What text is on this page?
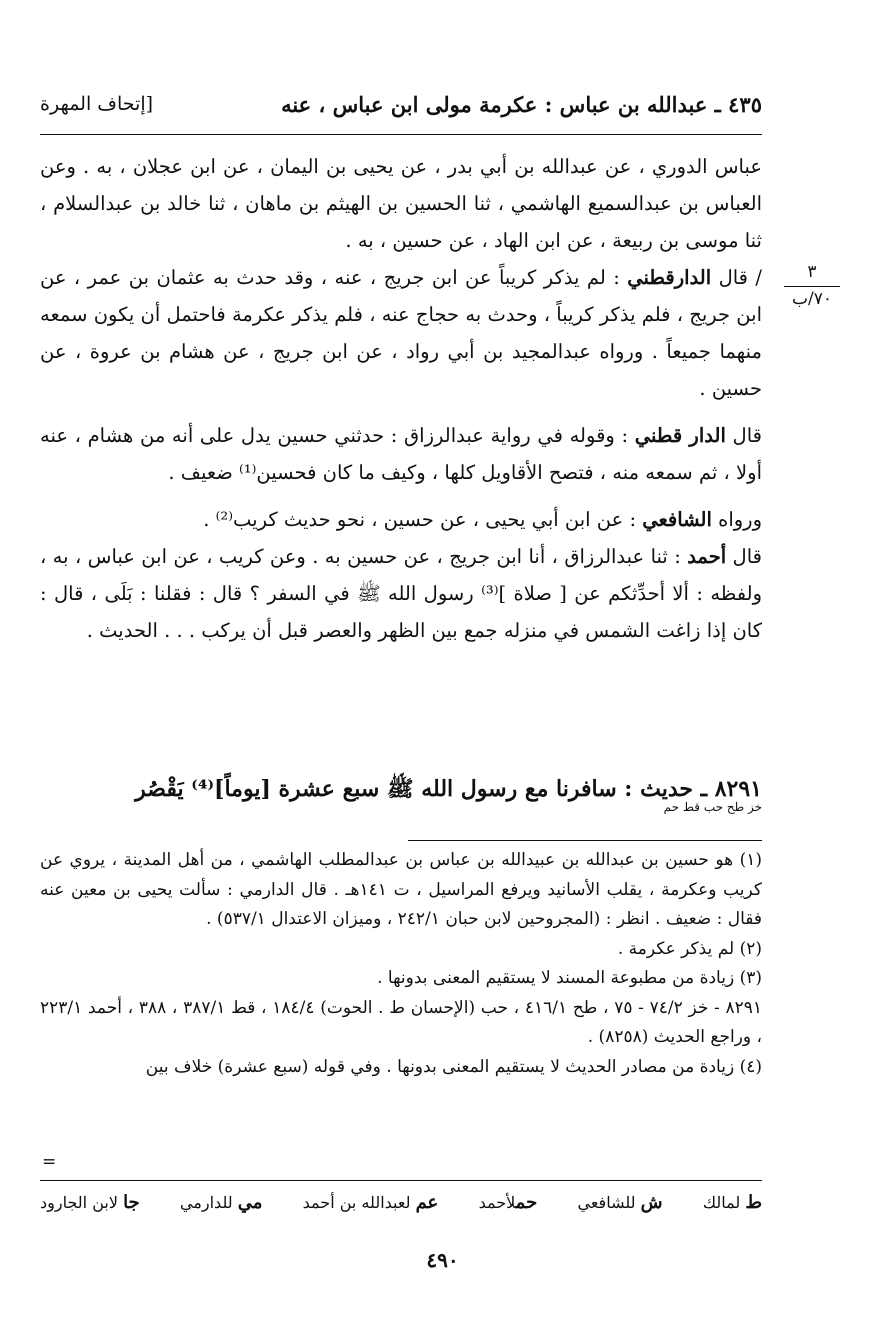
٤٣٥ ـ عبدالله بن عباس : عكرمة مولى ابن عباس ، عنه
[إتحاف المهرة
٣
٧٠/ب

عباس الدوري ، عن عبدالله بن أبي بدر ، عن يحيى بن اليمان ، عن ابن عجلان ، به . وعن العباس بن عبدالسميع الهاشمي ، ثنا الحسين بن الهيثم بن ماهان ، ثنا خالد بن عبدالسلام ، ثنا موسى بن ربيعة ، عن ابن الهاد ، عن حسين ، به .

/ قال الدارقطني : لم يذكر كريباً عن ابن جريج ، عنه ، وقد حدث به عثمان بن عمر ، عن ابن جريج ، فلم يذكر كريباً ، وحدث به حجاج عنه ، فلم يذكر عكرمة فاحتمل أن يكون سمعه منهما جميعاً . ورواه عبدالمجيد بن أبي رواد ، عن ابن جريج ، عن هشام بن عروة ، عن حسين .

قال الدار قطني : وقوله في رواية عبدالرزاق : حدثني حسين يدل على أنه من هشام ، عنه أولا ، ثم سمعه منه ، فتصح الأقاويل كلها ، وكيف ما كان فحسين⁽¹⁾ ضعيف .

ورواه الشافعي : عن ابن أبي يحيى ، عن حسين ، نحو حديث كريب⁽²⁾ .

قال أحمد : ثنا عبدالرزاق ، أنا ابن جريج ، عن حسين به . وعن كريب ، عن ابن عباس ، به ، ولفظه : ألا أحدِّثكم عن [ صلاة ]⁽³⁾ رسول الله ﷺ في السفر ؟ قال : فقلنا : بَلَى ، قال : كان إذا زاغت الشمس في منزله جمع بين الظهر والعصر قبل أن يركب . . . الحديث .

٨٢٩١ ـ حديث : سافرنا مع رسول الله ﷺ سبع عشرة [يوماً]⁽⁴⁾ يَقْصُر
خز طح حب قط حم

(١) هو حسين بن عبدالله بن عبيدالله بن عباس بن عبدالمطلب الهاشمي ، من أهل المدينة ، يروي عن كريب وعكرمة ، يقلب الأسانيد ويرفع المراسيل ، ت ١٤١هـ . قال الدارمي : سألت يحيى بن معين عنه فقال : ضعيف . انظر : (المجروحين لابن حبان ٢٤٢/١ ، وميزان الاعتدال ٥٣٧/١) .

(٢) لم يذكر عكرمة .

(٣) زيادة من مطبوعة المسند لا يستقيم المعنى بدونها .

٨٢٩١ - خز ٧٤/٢ - ٧٥ ، طح ٤١٦/١ ، حب (الإحسان ط . الحوت) ١٨٤/٤ ، قط ٣٨٧/١ ، ٣٨٨ ، أحمد ٢٢٣/١ ، وراجع الحديث (٨٢٥٨) .

(٤) زيادة من مصادر الحديث لا يستقيم المعنى بدونها . وفي قوله (سبع عشرة) خلاف بين

=
ط لمالك
ش للشافعي
حملأحمد
عم لعبدالله بن أحمد
مي للدارمي
جا لابن الجارود
٤٩٠
